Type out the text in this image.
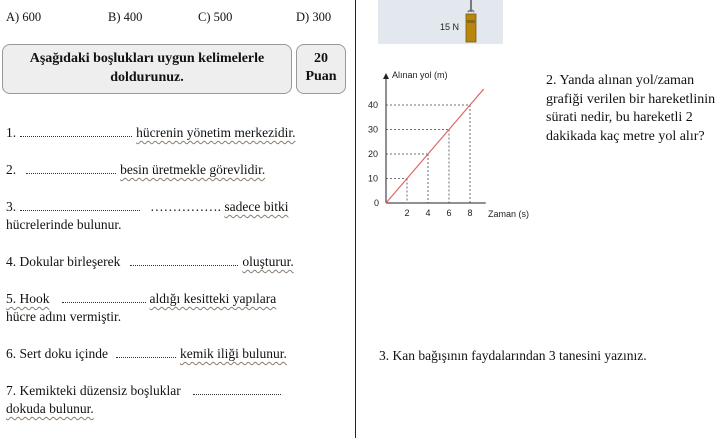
A) 600	B) 400	C) 500	D) 300
Aşağıdaki boşlukları uygun kelimelerle doldurunuz.
20
Puan
1.	hücrenin yönetim merkezidir.
2.	besin üretmekle görevlidir.
3.	……………. sadece bitki
hücrelerinde bulunur.
4. Dokular birleşerek	oluşturur.
5. Hook	aldığı kesitteki yapılara
hücre adını vermiştir.
6. Sert doku içinde	kemik iliği bulunur.
7. Kemikteki düzensiz boşluklar
dokuda bulunur.
15 N
Alınan yol (m)
Zaman (s)
0
2 4 6 8
10
20
30
40
2. Yanda alınan yol/zaman grafiği verilen bir hareketlinin sürati nedir, bu hareketli 2 dakikada kaç metre yol alır?
3. Kan bağışının faydalarından 3 tanesini yazınız.
